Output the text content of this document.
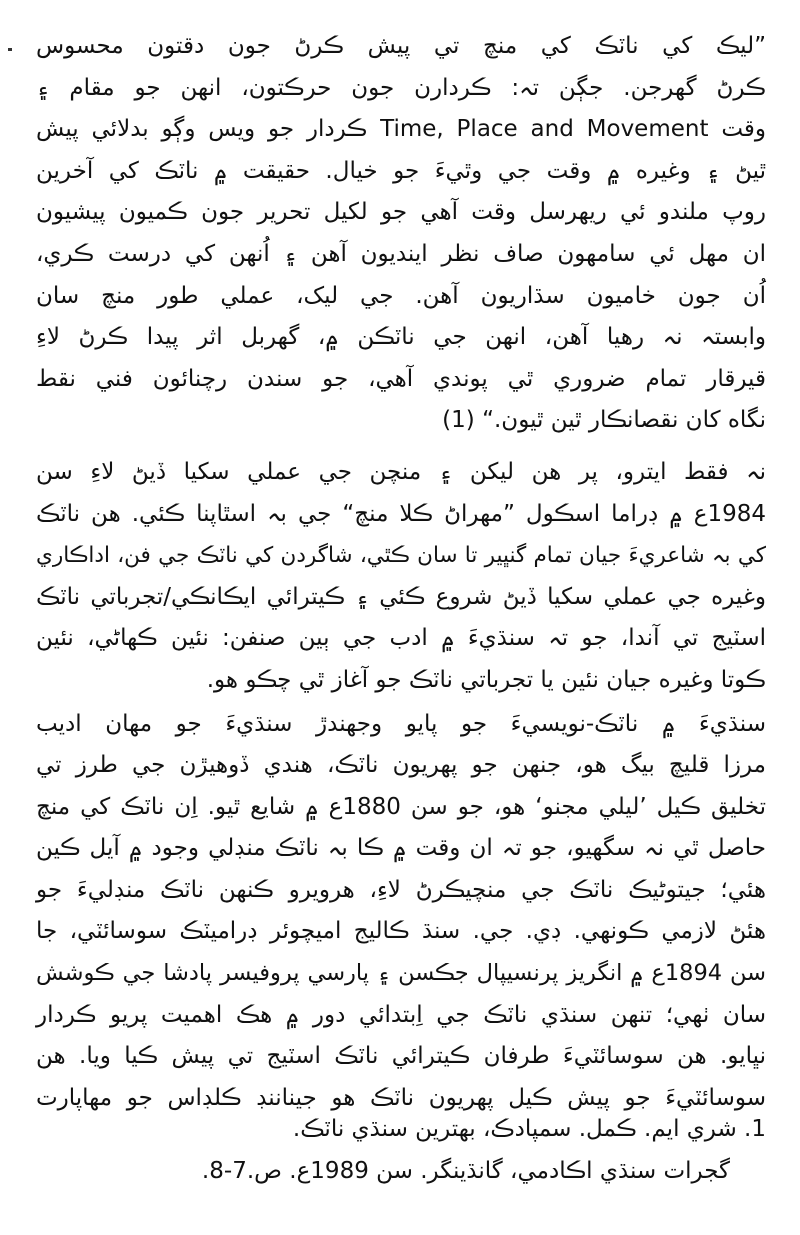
”ليڪ کي ناٽڪ کي منچ تي پيش ڪرڻ جون دقتون محسوس
ڪرڻ گهرجن. جڳن تہ: ڪردارن جون حرڪتون، انهن جو مقام ۽
وقت Time, Place and Movement ڪردار جو ويس وڳو بدلائي پيش
ٿيڻ ۽ وغيره ۾ وقت جي وٿيءَ جو خيال. حقيقت ۾ ناٽڪ کي آخرين
روپ ملندو ئي ريهرسل وقت آهي جو لکيل تحرير جون ڪميون پيشيون
ان مهل ئي سامهون صاف نظر اينديون آهن ۽ اُنهن کي درست ڪري،
اُن جون خاميون سڌاريون آهن. جي ليک، عملي طور منچ سان
وابستہ نہ رهيا آهن، انهن جي ناٽڪن ۾، گهربل اثر پيدا ڪرڻ لاءِ
قيرقار تمام ضروري ٿي پوندي آهي، جو سندن رچنائون فني نقط
نگاه کان نقصانڪار ٿين ٿيون.“ (1)

نہ فقط ايترو، پر هن ليکن ۽ منچن جي عملي سکيا ڏيڻ لاءِ سن
1984ع ۾ ڊراما اسڪول ”مهراڻ ڪلا منچ“ جي بہ اسٿاپنا ڪئي. هن ناٽڪ
کي بہ شاعريءَ جيان تمام گنڀير تا سان ڪٿي، شاگردن کي ناٽڪ جي فن، اداڪاري
وغيره جي عملي سکيا ڏيڻ شروع ڪئي ۽ ڪيترائي ايڪانڪي/تجرباتي ناٽڪ
اسٽيج تي آندا، جو تہ سنڌيءَ ۾ ادب جي ٻين صنفن: نئين ڪهاڻي، نئين
ڪوتا وغيره جيان نئين يا تجرباتي ناٽڪ جو آغاز ٿي چڪو هو.

سنڌيءَ ۾ ناٽڪ-نويسيءَ جو پايو وجهندڙ سنڌيءَ جو مهان اديب
مرزا قليچ بيگ هو، جنهن جو پهريون ناٽڪ، هندي ڏوهيڙن جي طرز تي
تخليق ڪيل ’ليلي مجنو‘ هو، جو سن 1880ع ۾ شايع ٿيو. اِن ناٽڪ کي منچ
حاصل ٿي نہ سگهيو، جو تہ ان وقت ۾ ڪا بہ ناٽڪ منڊلي وجود ۾ آيل ڪين
هئي؛ جيتوڻيڪ ناٽڪ جي منچيڪرڻ لاءِ، هرويرو ڪنهن ناٽڪ منڊليءَ جو
هئڻ لازمي ڪونهي. ڊي. جي. سنڌ ڪاليج اميچوئر ڊراميٽڪ سوسائٽي، جا
سن 1894ع ۾ انگريز پرنسيپال جڪسن ۽ پارسي پروفيسر پادشا جي ڪوشش
سان ٺهي؛ تنهن سنڌي ناٽڪ جي اِبتدائي دور ۾ هڪ اهميت پريو ڪردار
نڀايو. هن سوسائٽيءَ طرفان ڪيترائي ناٽڪ اسٽيج تي پيش ڪيا ويا. هن
سوسائٽيءَ جو پيش ڪيل پهريون ناٽڪ هو جيناننڊ ڪلڊاس جو مهاپارت

1. شري ايم. ڪمل. سمپادڪ، بهترين سنڌي ناٽڪ.
گجرات سنڌي اڪادمي، گانڌينگر. سن 1989ع. ص.7-8.
